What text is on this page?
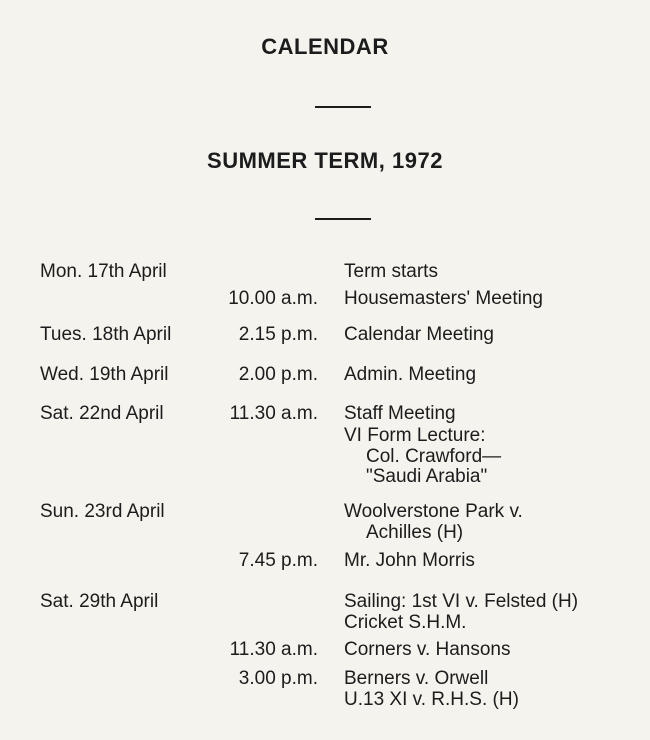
CALENDAR
SUMMER TERM, 1972
Mon. 17th April	Term starts
10.00 a.m. Housemasters' Meeting
Tues. 18th April	2.15 p.m. Calendar Meeting
Wed. 19th April	2.00 p.m. Admin. Meeting
Sat. 22nd April	11.30 a.m. Staff Meeting
VI Form Lecture:
Col. Crawford—
"Saudi Arabia"
Sun. 23rd April	Woolverstone Park v.
Achilles (H)
7.45 p.m. Mr. John Morris
Sat. 29th April	Sailing: 1st VI v. Felsted (H)
Cricket S.H.M.
11.30 a.m. Corners v. Hansons
3.00 p.m. Berners v. Orwell
U.13 XI v. R.H.S. (H)
